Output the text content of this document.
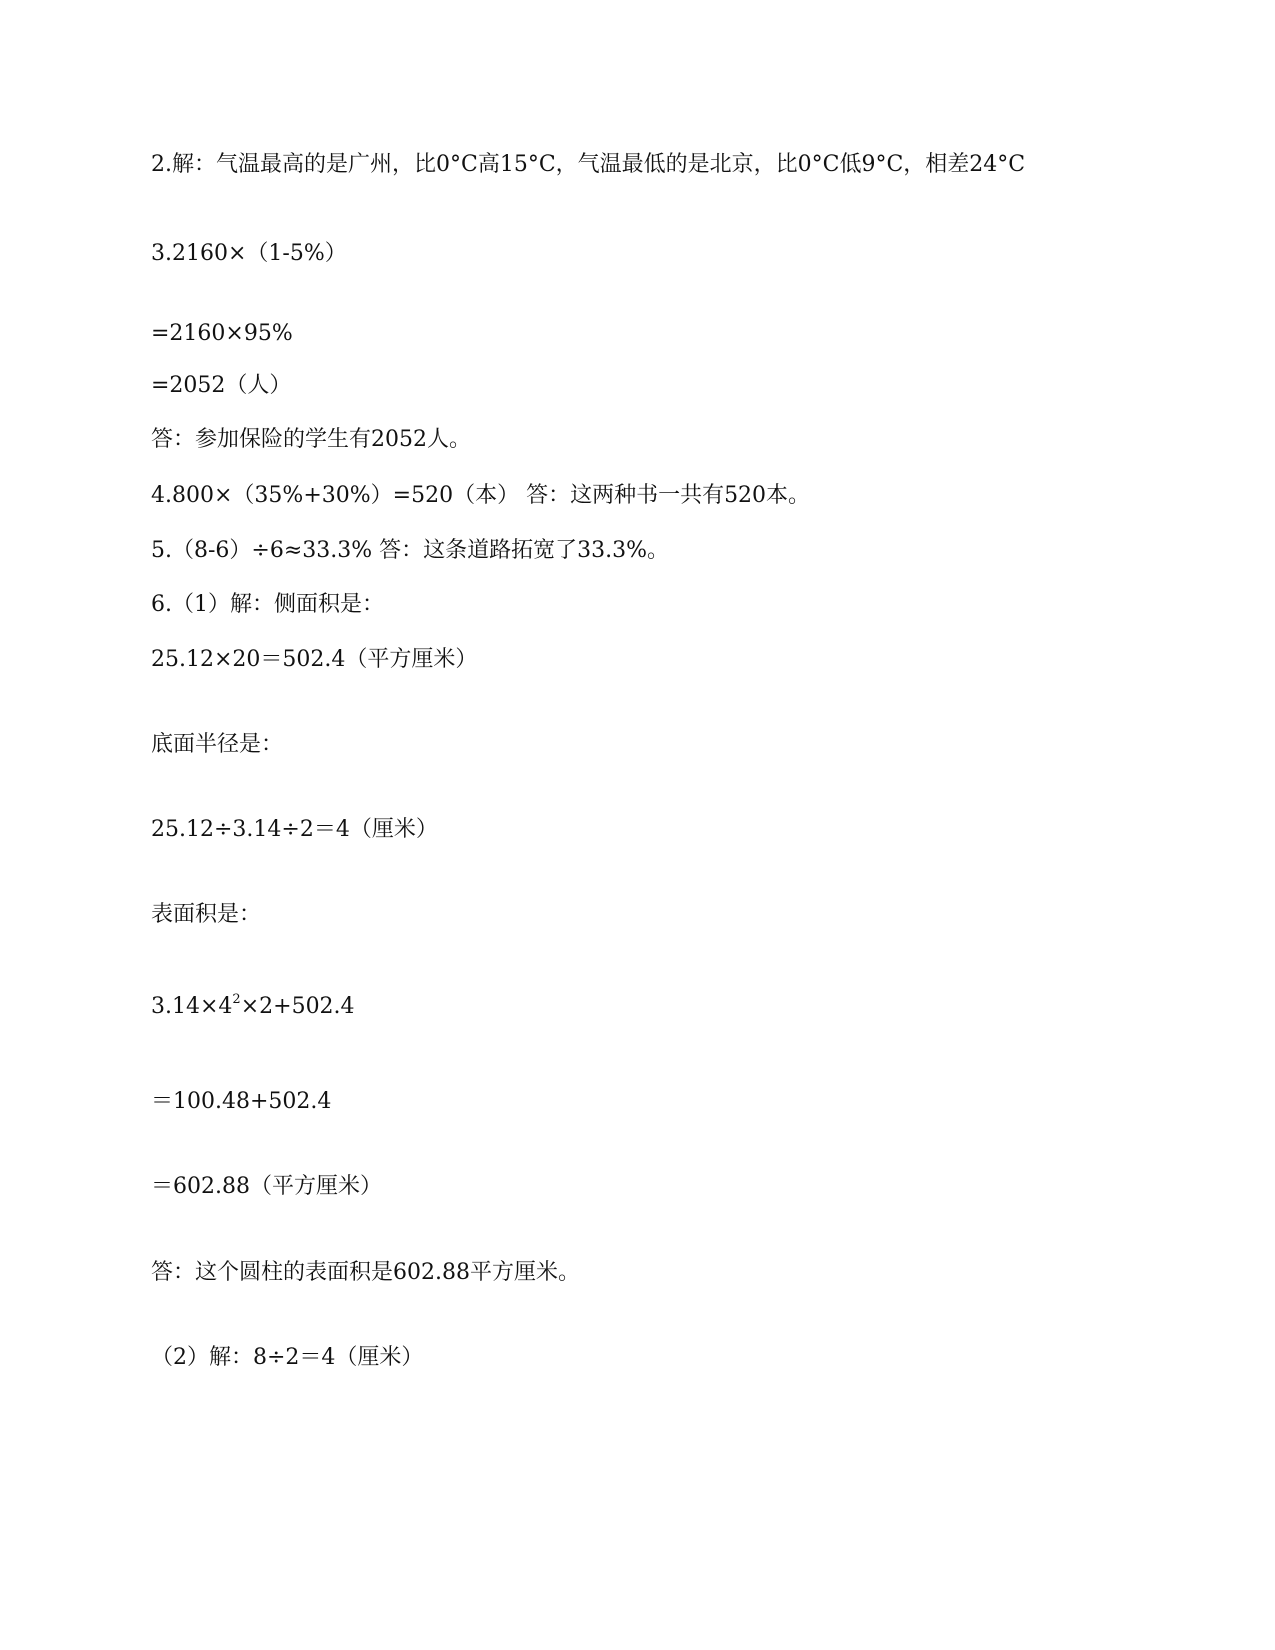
2.解：气温最高的是广州，比0°C高15°C，气温最低的是北京，比0°C低9°C，相差24°C
3.2160×（1-5%）
=2160×95%
=2052（人）
答：参加保险的学生有2052人。
4.800×（35%+30%）=520（本） 答：这两种书一共有520本。
5.（8-6）÷6≈33.3% 答：这条道路拓宽了33.3%。
6.（1）解：侧面积是：
25.12×20＝502.4（平方厘米）
底面半径是：
25.12÷3.14÷2＝4（厘米）
表面积是：
$3.14\times 4^2\times 2+502.4$
＝100.48+502.4
＝602.88（平方厘米）
答：这个圆柱的表面积是602.88平方厘米。
（2）解：8÷2＝4（厘米）
